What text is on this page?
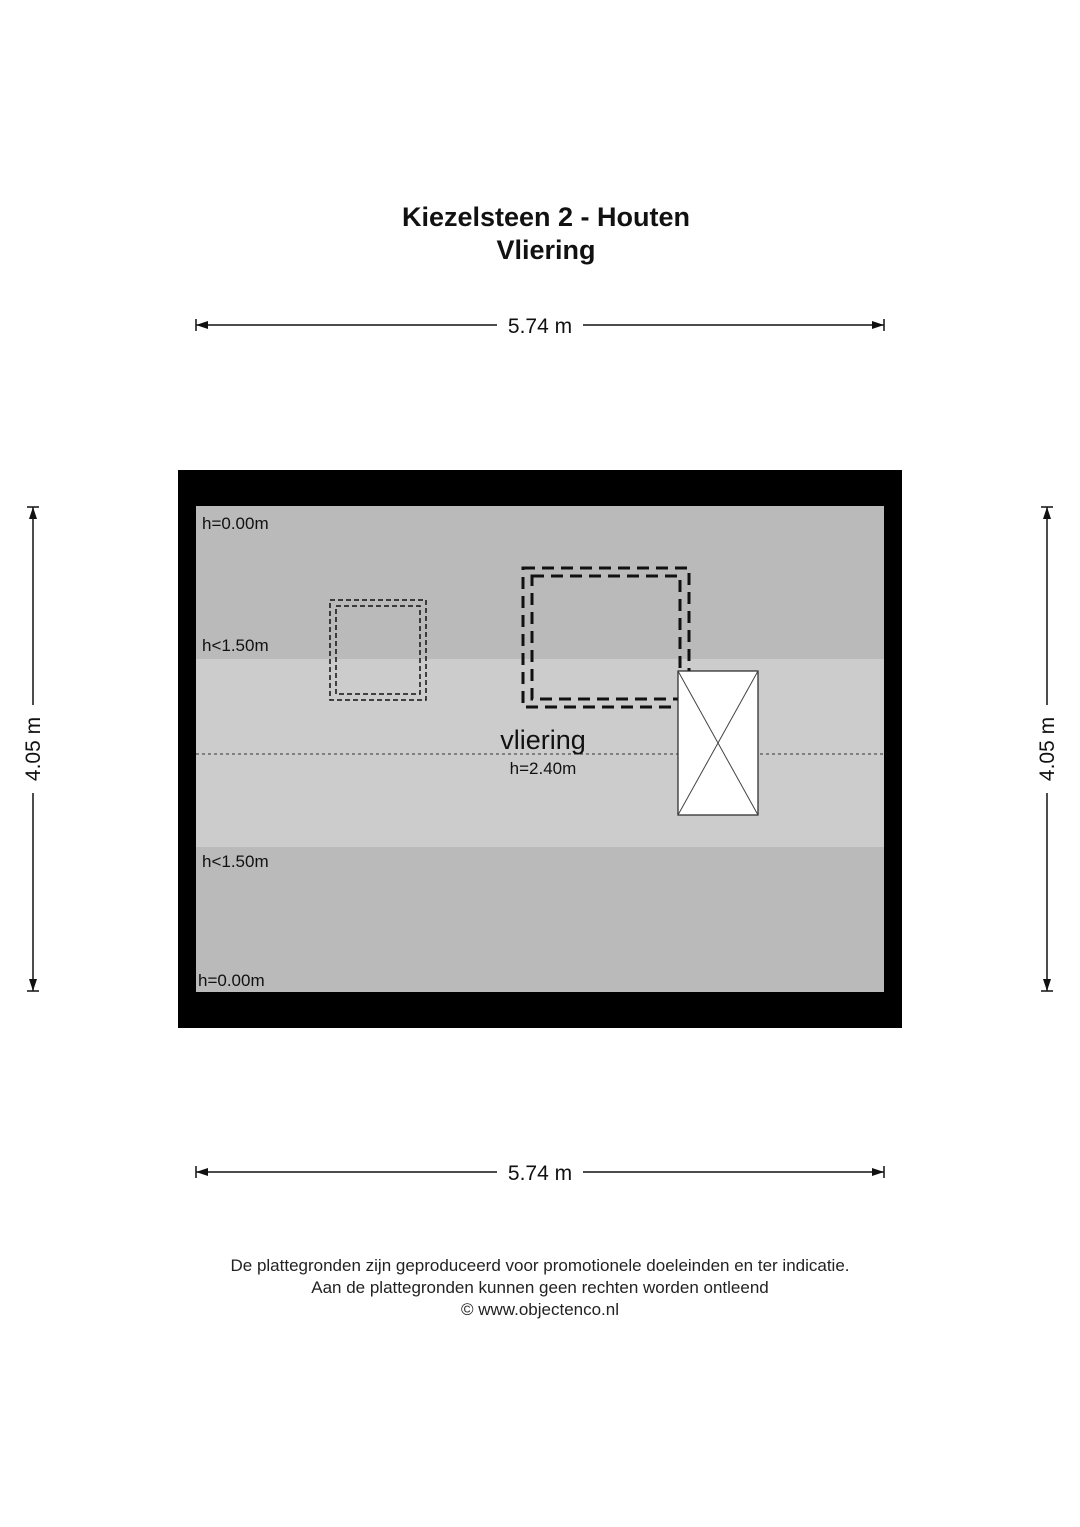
Kiezelsteen 2 - Houten
Vliering
5.74 m
5.74 m
4.05 m	4.05 m
h=0.00m
h<1.50m
h<1.50m
h=0.00m
vliering
h=2.40m
De plattegronden zijn geproduceerd voor promotionele doeleinden en ter indicatie.
Aan de plattegronden kunnen geen rechten worden ontleend
© www.objectenco.nl
